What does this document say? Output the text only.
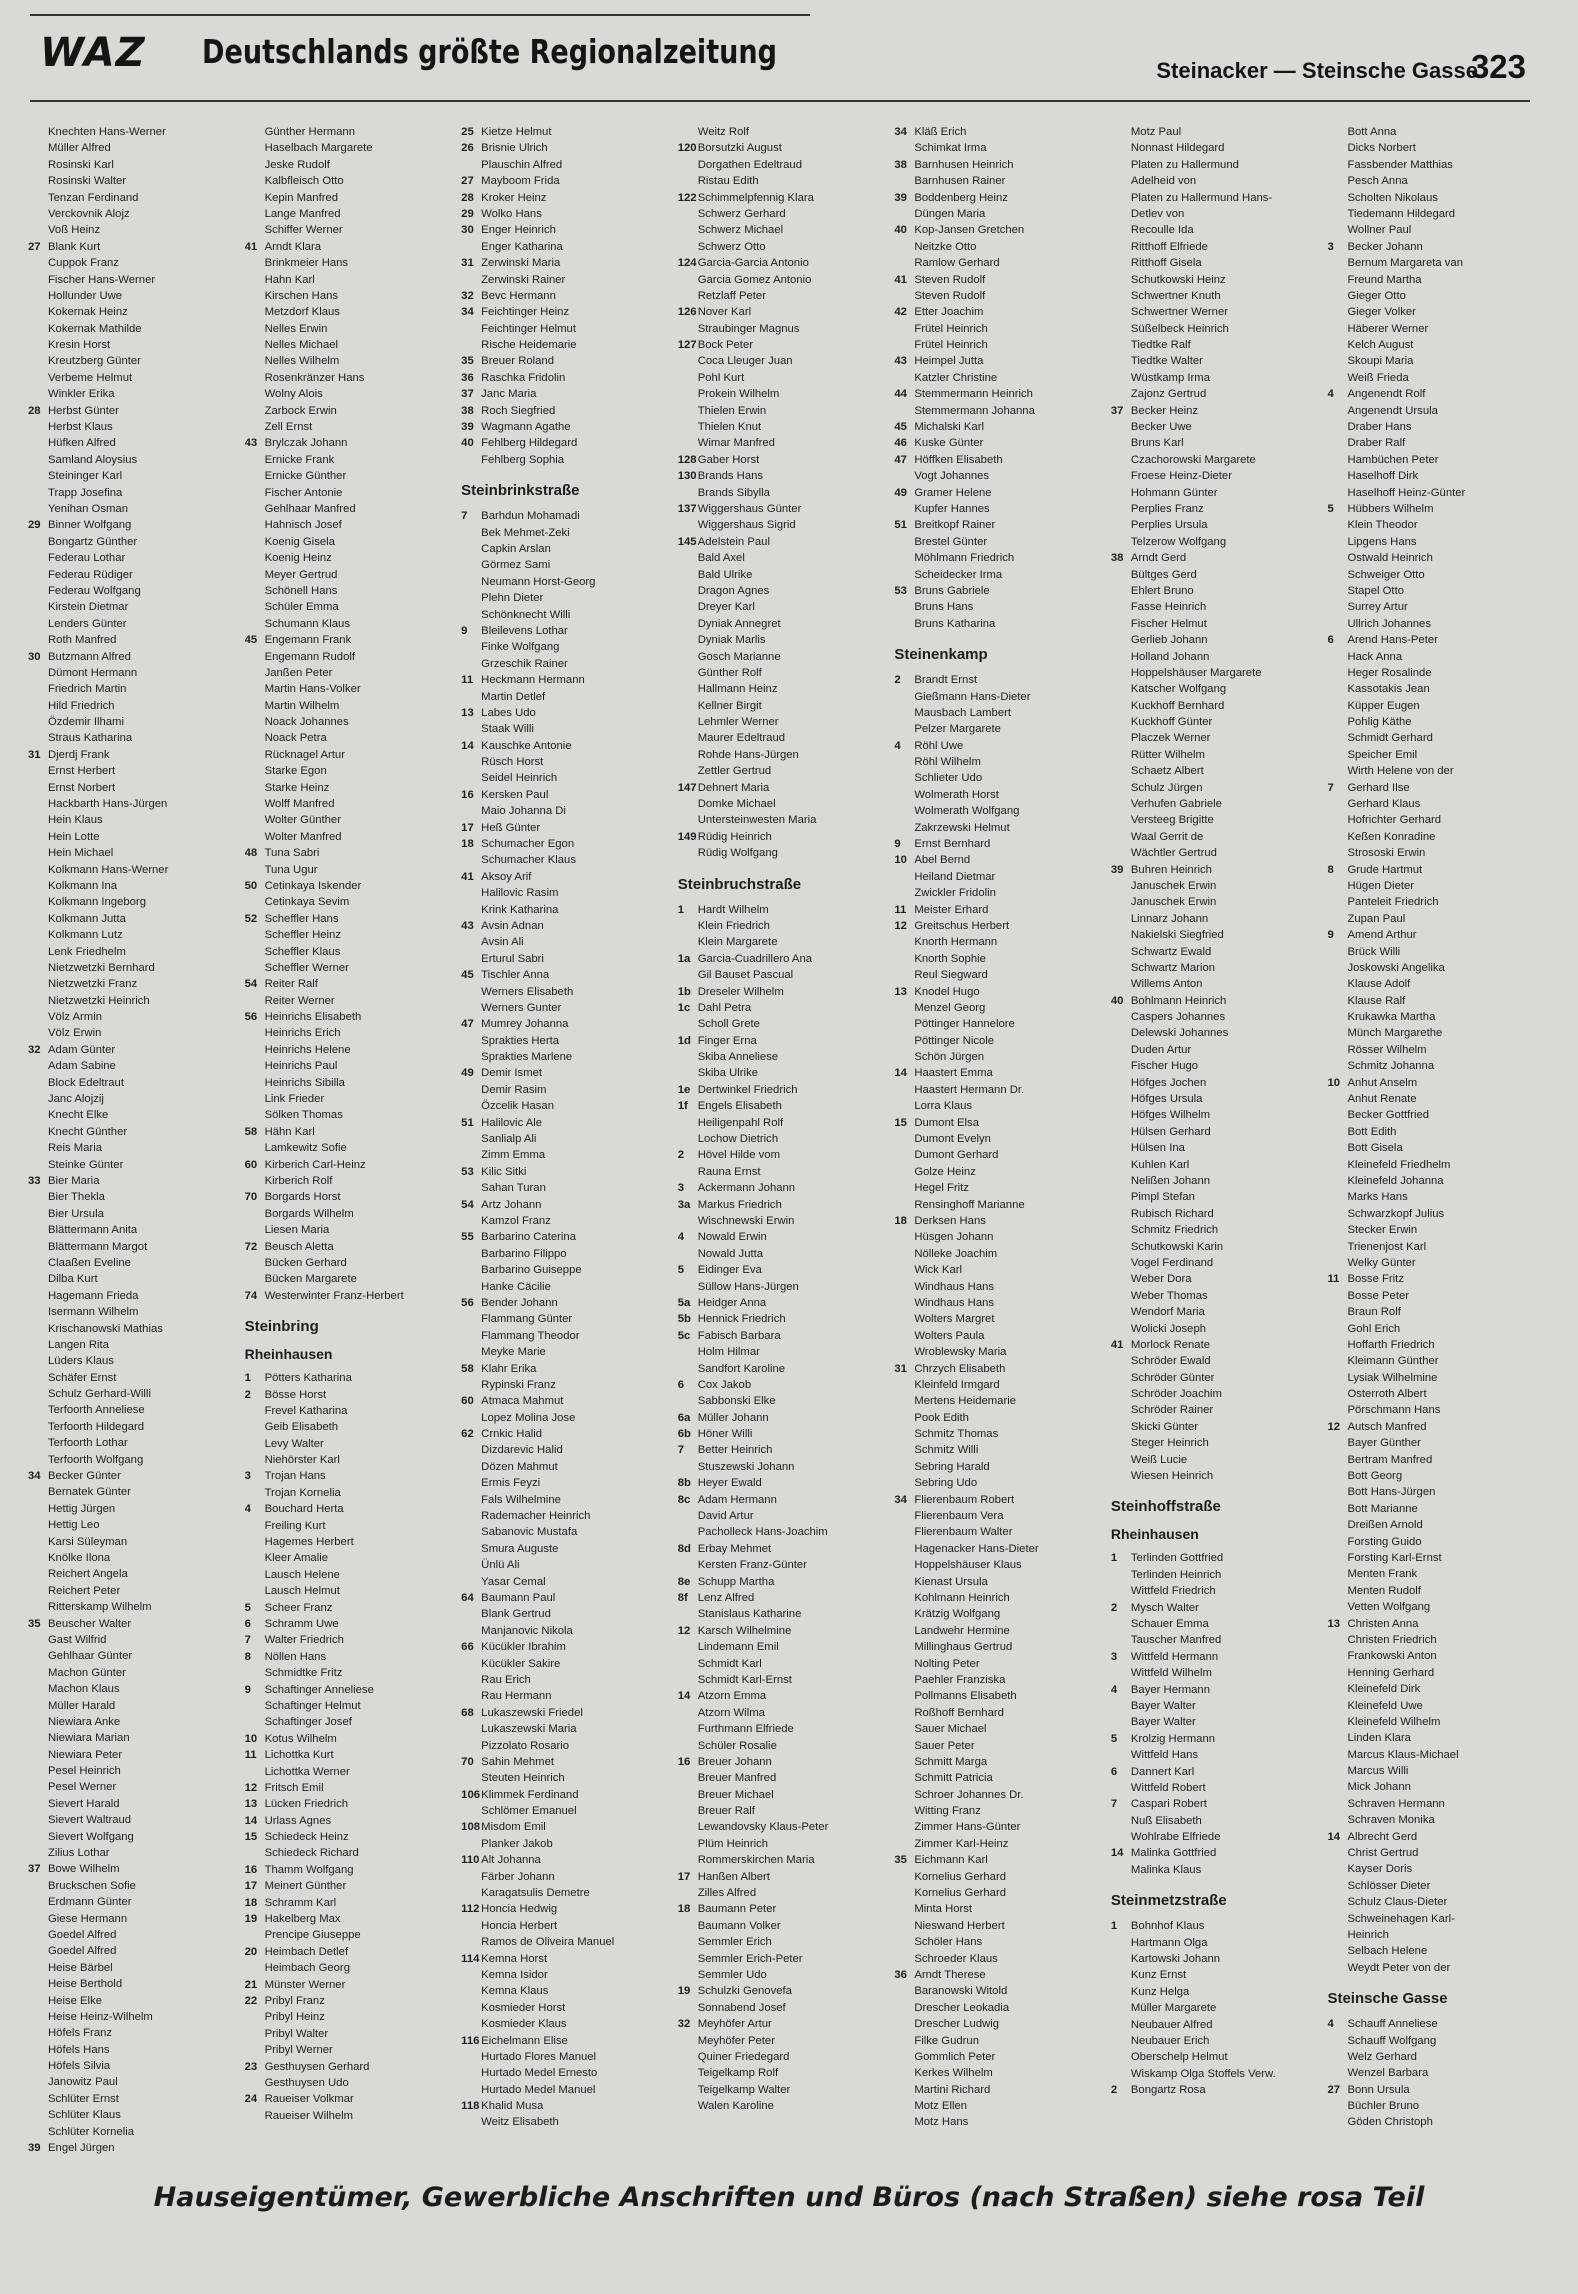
WAZ Deutschlands größte Regionalzeitung	Steinacker — Steinsche Gasse
323
Knechten Hans-Werner
Müller Alfred
Rosinski Karl
Rosinski Walter
Tenzan Ferdinand
Verckovnik Alojz
Voß Heinz
27 Blank Kurt
Cuppok Franz
Fischer Hans-Werner
Hollunder Uwe
Kokernak Heinz
Kokernak Mathilde
Kresin Horst
Kreutzberg Günter
Verbeme Helmut
Winkler Erika
28 Herbst Günter
Herbst Klaus
Hüfken Alfred
Samland Aloysius
Steininger Karl
Trapp Josefina
Yenihan Osman
29 Binner Wolfgang
Bongartz Günther
Federau Lothar
Federau Rüdiger
Federau Wolfgang
Kirstein Dietmar
Lenders Günter
Roth Manfred
30 Butzmann Alfred
Dümont Hermann
Friedrich Martin
Hild Friedrich
Özdemir Ilhami
Straus Katharina
31 Djerdj Frank
Ernst Herbert
Ernst Norbert
Hackbarth Hans-Jürgen
Hein Klaus
Hein Lotte
Hein Michael
Kolkmann Hans-Werner
Kolkmann Ina
Kolkmann Ingeborg
Kolkmann Jutta
Kolkmann Lutz
Lenk Friedhelm
Nietzwetzki Bernhard
Nietzwetzki Franz
Nietzwetzki Heinrich
Völz Armin
Völz Erwin
32 Adam Günter
Adam Sabine
Block Edeltraut
Janc Alojzij
Knecht Elke
Knecht Günther
Reis Maria
Steinke Günter
33 Bier Maria
Bier Thekla
Bier Ursula
Blättermann Anita
Blättermann Margot
Claaßen Eveline
Dilba Kurt
Hagemann Frieda
Isermann Wilhelm
Krischanowski Mathias
Langen Rita
Lüders Klaus
Schäfer Ernst
Schulz Gerhard-Willi
Terfoorth Anneliese
Terfoorth Hildegard
Terfoorth Lothar
Terfoorth Wolfgang
34 Becker Günter
Bernatek Günter
Hettig Jürgen
Hettig Leo
Karsi Süleyman
Knölke Ilona
Reichert Angela
Reichert Peter
Ritterskamp Wilhelm
35 Beuscher Walter
Gast Wilfrid
Gehlhaar Günter
Machon Günter
Machon Klaus
Müller Harald
Niewiara Anke
Niewiara Marian
Niewiara Peter
Pesel Heinrich
Pesel Werner
Sievert Harald
Sievert Waltraud
Sievert Wolfgang
Zilius Lothar
37 Bowe Wilhelm
Bruckschen Sofie
Erdmann Günter
Giese Hermann
Goedel Alfred
Goedel Alfred
Heise Bärbel
Heise Berthold
Heise Elke
Heise Heinz-Wilhelm
Höfels Franz
Höfels Hans
Höfels Silvia
Janowitz Paul
Schlüter Ernst
Schlüter Klaus
Schlüter Kornelia
39 Engel Jürgen
Günther Hermann
Haselbach Margarete
Jeske Rudolf
Kalbfleisch Otto
Kepin Manfred
Lange Manfred
Schiffer Werner
41 Arndt Klara
Brinkmeier Hans
Hahn Karl
Kirschen Hans
Metzdorf Klaus
Nelles Erwin
Nelles Michael
Nelles Wilhelm
Rosenkränzer Hans
Wolny Alois
Zarbock Erwin
Zell Ernst
43 Brylczak Johann
Ernicke Frank
Ernicke Günther
Fischer Antonie
Gehlhaar Manfred
Hahnisch Josef
Koenig Gisela
Koenig Heinz
Meyer Gertrud
Schönell Hans
Schüler Emma
Schumann Klaus
45 Engemann Frank
Engemann Rudolf
Janßen Peter
Martin Hans-Volker
Martin Wilhelm
Noack Johannes
Noack Petra
Rücknagel Artur
Starke Egon
Starke Heinz
Wolff Manfred
Wolter Günther
Wolter Manfred
48 Tuna Sabri
Tuna Ugur
50 Cetinkaya Iskender
Cetinkaya Sevim
52 Scheffler Hans
Scheffler Heinz
Scheffler Klaus
Scheffler Werner
54 Reiter Ralf
Reiter Werner
56 Heinrichs Elisabeth
Heinrichs Erich
Heinrichs Helene
Heinrichs Paul
Heinrichs Sibilla
Link Frieder
Sölken Thomas
58 Hähn Karl
Lamkewitz Sofie
60 Kirberich Carl-Heinz
Kirberich Rolf
70 Borgards Horst
Borgards Wilhelm
Liesen Maria
72 Beusch Aletta
Bücken Gerhard
Bücken Margarete
74 Westerwinter Franz-Herbert
Steinbring
Rheinhausen
1 Pötters Katharina
2 Bösse Horst
Frevel Katharina
Geib Elisabeth
Levy Walter
Niehörster Karl
3 Trojan Hans
Trojan Kornelia
4 Bouchard Herta
Freiling Kurt
Hagemes Herbert
Kleer Amalie
Lausch Helene
Lausch Helmut
5 Scheer Franz
6 Schramm Uwe
7 Walter Friedrich
8 Nöllen Hans
Schmidtke Fritz
9 Schaftinger Anneliese
Schaftinger Helmut
Schaftinger Josef
10 Kotus Wilhelm
11 Lichottka Kurt
Lichottka Werner
12 Fritsch Emil
13 Lücken Friedrich
14 Urlass Agnes
15 Schiedeck Heinz
Schiedeck Richard
16 Thamm Wolfgang
17 Meinert Günther
18 Schramm Karl
19 Hakelberg Max
Prencipe Giuseppe
20 Heimbach Detlef
Heimbach Georg
21 Münster Werner
22 Pribyl Franz
Pribyl Heinz
Pribyl Walter
Pribyl Werner
23 Gesthuysen Gerhard
Gesthuysen Udo
24 Raueiser Volkmar
Raueiser Wilhelm
25 Kietze Helmut
26 Brisnie Ulrich
Plauschin Alfred
27 Mayboom Frida
28 Kroker Heinz
29 Wolko Hans
30 Enger Heinrich
Enger Katharina
31 Zerwinski Maria
Zerwinski Rainer
32 Bevc Hermann
34 Feichtinger Heinz
Feichtinger Helmut
Rische Heidemarie
35 Breuer Roland
36 Raschka Fridolin
37 Janc Maria
38 Roch Siegfried
39 Wagmann Agathe
40 Fehlberg Hildegard
Fehlberg Sophia
Steinbrinkstraße
7 Barhdun Mohamadi
Bek Mehmet-Zeki
Capkin Arslan
Görmez Sami
Neumann Horst-Georg
Plehn Dieter
Schönknecht Willi
9 Bleilevens Lothar
Finke Wolfgang
Grzeschik Rainer
11 Heckmann Hermann
Martin Detlef
13 Labes Udo
Staak Willi
14 Kauschke Antonie
Rüsch Horst
Seidel Heinrich
16 Kersken Paul
Maio Johanna Di
17 Heß Günter
18 Schumacher Egon
Schumacher Klaus
41 Aksoy Arif
Halilovic Rasim
Krink Katharina
43 Avsin Adnan
Avsin Ali
Erturul Sabri
45 Tischler Anna
Werners Elisabeth
Werners Gunter
47 Mumrey Johanna
Sprakties Herta
Sprakties Marlene
49 Demir Ismet
Demir Rasim
Özcelik Hasan
51 Halilovic Ale
Sanlialp Ali
Zimm Emma
53 Kilic Sitki
Sahan Turan
54 Artz Johann
Kamzol Franz
55 Barbarino Caterina
Barbarino Filippo
Barbarino Guiseppe
Hanke Cäcilie
56 Bender Johann
Flammang Günter
Flammang Theodor
Meyke Marie
58 Klahr Erika
Rypinski Franz
60 Atmaca Mahmut
Lopez Molina Jose
62 Crnkic Halid
Dizdarevic Halid
Dözen Mahmut
Ermis Feyzi
Fals Wilhelmine
Rademacher Heinrich
Sabanovic Mustafa
Smura Auguste
Ünlü Ali
Yasar Cemal
64 Baumann Paul
Blank Gertrud
Manjanovic Nikola
66 Kücükler Ibrahim
Kücükler Sakire
Rau Erich
Rau Hermann
68 Lukaszewski Friedel
Lukaszewski Maria
Pizzolato Rosario
70 Sahin Mehmet
Steuten Heinrich
106Klimmek Ferdinand
Schlömer Emanuel
108Misdom Emil
Planker Jakob
110 Alt Johanna
Färber Johann
Karagatsulis Demetre
112 Honcia Hedwig
Honcia Herbert
Ramos de Oliveira Manuel
114 Kemna Horst
Kemna Isidor
Kemna Klaus
Kosmieder Horst
Kosmieder Klaus
116 Eichelmann Elise
Hurtado Flores Manuel
Hurtado Medel Ernesto
Hurtado Medel Manuel
118 Khalid Musa
Weitz Elisabeth
Weitz Rolf
120Borsutzki August
Dorgathen Edeltraud
Ristau Edith
122Schimmelpfennig Klara
Schwerz Gerhard
Schwerz Michael
Schwerz Otto
124Garcia-Garcia Antonio
Garcia Gomez Antonio
Retzlaff Peter
126Nover Karl
Straubinger Magnus
127Bock Peter
Coca Lleuger Juan
Pohl Kurt
Prokein Wilhelm
Thielen Erwin
Thielen Knut
Wimar Manfred
128Gaber Horst
130Brands Hans
Brands Sibylla
137Wiggershaus Günter
Wiggershaus Sigrid
145Adelstein Paul
Bald Axel
Bald Ulrike
Dragon Agnes
Dreyer Karl
Dyniak Annegret
Dyniak Marlis
Gosch Marianne
Günther Rolf
Hallmann Heinz
Kellner Birgit
Lehmler Werner
Maurer Edeltraud
Rohde Hans-Jürgen
Zettler Gertrud
147Dehnert Maria
Domke Michael
Untersteinwesten Maria
149Rüdig Heinrich
Rüdig Wolfgang
Steinbruchstraße
1 Hardt Wilhelm
Klein Friedrich
Klein Margarete
1a Garcia-Cuadrillero Ana
Gil Bauset Pascual
1b Dreseler Wilhelm
1c Dahl Petra
Scholl Grete
1d Finger Erna
Skiba Anneliese
Skiba Ulrike
1e Dertwinkel Friedrich
1f Engels Elisabeth
Heiligenpahl Rolf
Lochow Dietrich
2 Hövel Hilde vom
Rauna Ernst
3 Ackermann Johann
3a Markus Friedrich
Wischnewski Erwin
4 Nowald Erwin
Nowald Jutta
5 Eidinger Eva
Süllow Hans-Jürgen
5a Heidger Anna
5b Hennick Friedrich
5c Fabisch Barbara
Holm Hilmar
Sandfort Karoline
6 Cox Jakob
Sabbonski Elke
6a Müller Johann
6b Höner Willi
7 Better Heinrich
Stuszewski Johann
8b Heyer Ewald
8c Adam Hermann
David Artur
Pacholleck Hans-Joachim
8d Erbay Mehmet
Kersten Franz-Günter
8e Schupp Martha
8f Lenz Alfred
Stanislaus Katharine
12 Karsch Wilhelmine
Lindemann Emil
Schmidt Karl
Schmidt Karl-Ernst
14 Atzorn Emma
Atzorn Wilma
Furthmann Elfriede
Schüler Rosalie
16 Breuer Johann
Breuer Manfred
Breuer Michael
Breuer Ralf
Lewandovsky Klaus-Peter
Plüm Heinrich
Rommerskirchen Maria
17 Hanßen Albert
Zilles Alfred
18 Baumann Peter
Baumann Volker
Semmler Erich
Semmler Erich-Peter
Semmler Udo
19 Schulzki Genovefa
Sonnabend Josef
32 Meyhöfer Artur
Meyhöfer Peter
Quiner Friedegard
Teigelkamp Rolf
Teigelkamp Walter
Walen Karoline
34 Kläß Erich
Schimkat Irma
38 Barnhusen Heinrich
Barnhusen Rainer
39 Boddenberg Heinz
Düngen Maria
40 Kop-Jansen Gretchen
Neitzke Otto
Ramlow Gerhard
41 Steven Rudolf
Steven Rudolf
42 Etter Joachim
Frütel Heinrich
Frütel Heinrich
43 Heimpel Jutta
Katzler Christine
44 Stemmermann Heinrich
Stemmermann Johanna
45 Michalski Karl
46 Kuske Günter
47 Höffken Elisabeth
Vogt Johannes
49 Gramer Helene
Kupfer Hannes
51 Breitkopf Rainer
Brestel Günter
Möhlmann Friedrich
Scheidecker Irma
53 Bruns Gabriele
Bruns Hans
Bruns Katharina
Steinenkamp
2 Brandt Ernst
Gießmann Hans-Dieter
Mausbach Lambert
Pelzer Margarete
4 Röhl Uwe
Röhl Wilhelm
Schlieter Udo
Wolmerath Horst
Wolmerath Wolfgang
Zakrzewski Helmut
9 Ernst Bernhard
10 Abel Bernd
Heiland Dietmar
Zwickler Fridolin
11 Meister Erhard
12 Greitschus Herbert
Knorth Hermann
Knorth Sophie
Reul Siegward
13 Knodel Hugo
Menzel Georg
Pöttinger Hannelore
Pöttinger Nicole
Schön Jürgen
14 Haastert Emma
Haastert Hermann Dr.
Lorra Klaus
15 Dumont Elsa
Dumont Evelyn
Dumont Gerhard
Golze Heinz
Hegel Fritz
Rensinghoff Marianne
18 Derksen Hans
Hüsgen Johann
Nölleke Joachim
Wick Karl
Windhaus Hans
Windhaus Hans
Wolters Margret
Wolters Paula
Wroblewsky Maria
31 Chrzych Elisabeth
Kleinfeld Irmgard
Mertens Heidemarie
Pook Edith
Schmitz Thomas
Schmitz Willi
Sebring Harald
Sebring Udo
34 Flierenbaum Robert
Flierenbaum Vera
Flierenbaum Walter
Hagenacker Hans-Dieter
Hoppelshäuser Klaus
Kienast Ursula
Kohlmann Heinrich
Krätzig Wolfgang
Landwehr Hermine
Millinghaus Gertrud
Nolting Peter
Paehler Franziska
Pollmanns Elisabeth
Roßhoff Bernhard
Sauer Michael
Sauer Peter
Schmitt Marga
Schmitt Patricia
Schroer Johannes Dr.
Witting Franz
Zimmer Hans-Günter
Zimmer Karl-Heinz
35 Eichmann Karl
Kornelius Gerhard
Kornelius Gerhard
Minta Horst
Nieswand Herbert
Schöler Hans
Schroeder Klaus
36 Arndt Therese
Baranowski Witold
Drescher Leokadia
Drescher Ludwig
Filke Gudrun
Gommlich Peter
Kerkes Wilhelm
Martini Richard
Motz Ellen
Motz Hans
Motz Paul
Nonnast Hildegard
Platen zu Hallermund
Adelheid von
Platen zu Hallermund Hans-
Detlev von
Recoulle Ida
Ritthoff Elfriede
Ritthoff Gisela
Schutkowski Heinz
Schwertner Knuth
Schwertner Werner
Süßelbeck Heinrich
Tiedtke Ralf
Tiedtke Walter
Wüstkamp Irma
Zajonz Gertrud
37 Becker Heinz
Becker Uwe
Bruns Karl
Czachorowski Margarete
Froese Heinz-Dieter
Hohmann Günter
Perplies Franz
Perplies Ursula
Telzerow Wolfgang
38 Arndt Gerd
Bültges Gerd
Ehlert Bruno
Fasse Heinrich
Fischer Helmut
Gerlieb Johann
Holland Johann
Hoppelshäuser Margarete
Katscher Wolfgang
Kuckhoff Bernhard
Kuckhoff Günter
Placzek Werner
Rütter Wilhelm
Schaetz Albert
Schulz Jürgen
Verhufen Gabriele
Versteeg Brigitte
Waal Gerrit de
Wächtler Gertrud
39 Buhren Heinrich
Januschek Erwin
Januschek Erwin
Linnarz Johann
Nakielski Siegfried
Schwartz Ewald
Schwartz Marion
Willems Anton
40 Bohlmann Heinrich
Caspers Johannes
Delewski Johannes
Duden Artur
Fischer Hugo
Höfges Jochen
Höfges Ursula
Höfges Wilhelm
Hülsen Gerhard
Hülsen Ina
Kuhlen Karl
Nelißen Johann
Pimpl Stefan
Rubisch Richard
Schmitz Friedrich
Schutkowski Karin
Vogel Ferdinand
Weber Dora
Weber Thomas
Wendorf Maria
Wolicki Joseph
41 Morlock Renate
Schröder Ewald
Schröder Günter
Schröder Joachim
Schröder Rainer
Skicki Günter
Steger Heinrich
Weiß Lucie
Wiesen Heinrich
Steinhoffstraße
Rheinhausen
1 Terlinden Gottfried
Terlinden Heinrich
Wittfeld Friedrich
2 Mysch Walter
Schauer Emma
Tauscher Manfred
3 Wittfeld Hermann
Wittfeld Wilhelm
4 Bayer Hermann
Bayer Walter
Bayer Walter
5 Krolzig Hermann
Wittfeld Hans
6 Dannert Karl
Wittfeld Robert
7 Caspari Robert
Nuß Elisabeth
Wohlrabe Elfriede
14 Malinka Gottfried
Malinka Klaus
Steinmetzstraße
1 Bohnhof Klaus
Hartmann Olga
Kartowski Johann
Kunz Ernst
Kunz Helga
Müller Margarete
Neubauer Alfred
Neubauer Erich
Oberschelp Helmut
Wiskamp Olga Stoffels Verw.
2 Bongartz Rosa
Bott Anna
Dicks Norbert
Fassbender Matthias
Pesch Anna
Scholten Nikolaus
Tiedemann Hildegard
Wollner Paul
3 Becker Johann
Bernum Margareta van
Freund Martha
Gieger Otto
Gieger Volker
Häberer Werner
Kelch August
Skoupi Maria
Weiß Frieda
4 Angenendt Rolf
Angenendt Ursula
Draber Hans
Draber Ralf
Hambüchen Peter
Haselhoff Dirk
Haselhoff Heinz-Günter
5 Hübbers Wilhelm
Klein Theodor
Lipgens Hans
Ostwald Heinrich
Schweiger Otto
Stapel Otto
Surrey Artur
Ullrich Johannes
6 Arend Hans-Peter
Hack Anna
Heger Rosalinde
Kassotakis Jean
Küpper Eugen
Pohlig Käthe
Schmidt Gerhard
Speicher Emil
Wirth Helene von der
7 Gerhard Ilse
Gerhard Klaus
Hofrichter Gerhard
Keßen Konradine
Strososki Erwin
8 Grude Hartmut
Hügen Dieter
Panteleit Friedrich
Zupan Paul
9 Amend Arthur
Brück Willi
Joskowski Angelika
Klause Adolf
Klause Ralf
Krukawka Martha
Münch Margarethe
Rösser Wilhelm
Schmitz Johanna
10 Anhut Anselm
Anhut Renate
Becker Gottfried
Bott Edith
Bott Gisela
Kleinefeld Friedhelm
Kleinefeld Johanna
Marks Hans
Schwarzkopf Julius
Stecker Erwin
Trienenjost Karl
Welky Günter
11 Bosse Fritz
Bosse Peter
Braun Rolf
Gohl Erich
Hoffarth Friedrich
Kleimann Günther
Lysiak Wilhelmine
Osterroth Albert
Pörschmann Hans
12 Autsch Manfred
Bayer Günther
Bertram Manfred
Bott Georg
Bott Hans-Jürgen
Bott Marianne
Dreißen Arnold
Forsting Guido
Forsting Karl-Ernst
Menten Frank
Menten Rudolf
Vetten Wolfgang
13 Christen Anna
Christen Friedrich
Frankowski Anton
Henning Gerhard
Kleinefeld Dirk
Kleinefeld Uwe
Kleinefeld Wilhelm
Linden Klara
Marcus Klaus-Michael
Marcus Willi
Mick Johann
Schraven Hermann
Schraven Monika
14 Albrecht Gerd
Christ Gertrud
Kayser Doris
Schlösser Dieter
Schulz Claus-Dieter
Schweinehagen Karl-
Heinrich
Selbach Helene
Weydt Peter von der
Steinsche Gasse
4 Schauff Anneliese
Schauff Wolfgang
Welz Gerhard
Wenzel Barbara
27 Bonn Ursula
Büchler Bruno
Göden Christoph
Hauseigentümer, Gewerbliche Anschriften und Büros (nach Straßen) siehe rosa Teil
